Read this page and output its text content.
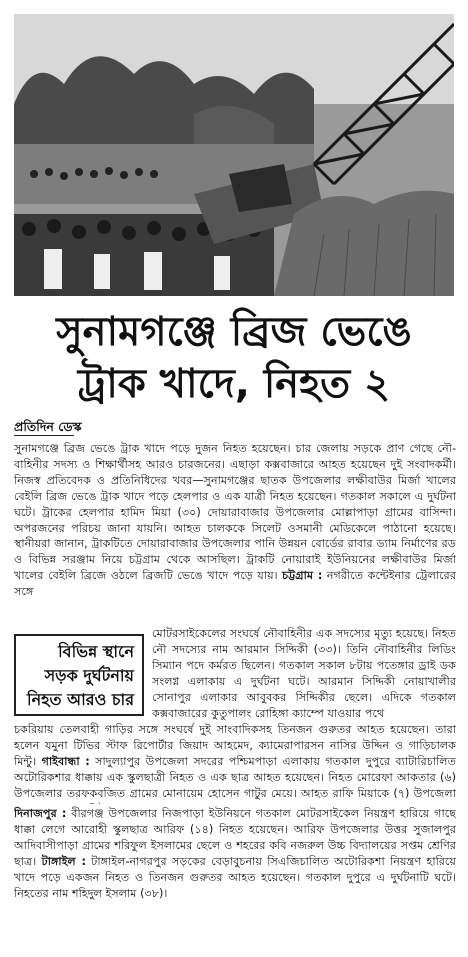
সুনামগঞ্জে ব্রিজ ভেঙে
ট্রাক খাদে, নিহত ২
প্রতিদিন ডেস্ক
সুনামগঞ্জে ব্রিজ ভেঙে ট্রাক খাদে পড়ে দুজন নিহত হয়েছেন। চার জেলায় সড়কে প্রাণ গেছে নৌ-বাহিনীর সদস্য ও শিক্ষার্থীসহ আরও চারজনের। এছাড়া কক্সবাজারে আহত হয়েছেন দুই সংবাদকর্মী। নিজস্ব প্রতিবেদক ও প্রতিনিধিদের খবর—সুনামগঞ্জের ছাতক উপজেলার লক্ষীবাউর মির্জা খালের বেইলি ব্রিজ ভেঙে ট্রাক খাদে পড়ে হেলপার ও এক যাত্রী নিহত হয়েছেন। গতকাল সকালে এ দুর্ঘটনা ঘটে। ট্রাকের হেলপার হামিদ মিয়া (৩০) দোয়ারাবাজার উপজেলার মোল্লাপাড়া গ্রামের বাসিন্দা। অপরজনের পরিচয় জানা যায়নি। আহত চালককে সিলেট ওসমানী মেডিকেলে পাঠানো হয়েছে। স্থানীয়রা জানান, ট্রাকটিতে দোয়ারাবাজার উপজেলার পানি উন্নয়ন বোর্ডের রাবার ড্যাম নির্মাণের রড ও বিভিন্ন সরঞ্জাম নিয়ে চট্টগ্রাম থেকে আসছিল। ট্রাকটি নোয়ারাই ইউনিয়নের লক্ষীবাউর মির্জা খালের বেইলি ব্রিজে ওঠলে ব্রিজটি ভেঙে খাদে পড়ে যায়। চট্টগ্রাম : নগরীতে কন্টেইনার ট্রেলারের সঙ্গে
বিভিন্ন স্থানে সড়ক দুর্ঘটনায় নিহত আরও চার
মোটরসাইকেলের সংঘর্ষে নৌবাহিনীর এক সদস্যের মৃত্যু হয়েছে। নিহত নৌ সদস্যের নাম আরমান সিদ্দিকী (৩৩)। তিনি নৌবাহিনীর লিডিং সিম্যান পদে কর্মরত ছিলেন। গতকাল সকাল ৮টায় পতেঙ্গার ড্রাই ডক সংলগ্ন এলাকায় এ দুর্ঘটনা ঘটে। আরমান সিদ্দিকী নোয়াখালীর সোনাপুর এলাকার আবুবকর সিদ্দিকীর ছেলে। এদিকে গতকাল কক্সবাজারের কুতুপালং রোহিঙ্গা ক্যাম্পে যাওয়ার পথে
চকরিয়ায় তেলবাহী গাড়ির সঙ্গে সংঘর্ষে দুই সাংবাদিকসহ তিনজন গুরুতর আহত হয়েছেন। তারা হলেন যমুনা টিভির স্টাফ রিপোর্টার জিয়াদ আহমেদ, ক্যামেরাপারসন নাসির উদ্দিন ও গাড়িচালক মিন্টু। গাইবান্ধা : সাদুল্যাপুর উপজেলা সদরের পশ্চিমপাড়া এলাকায় গতকাল দুপুরে ব্যাটারিচালিত অটোরিকশার ধাক্কায় এক স্কুলছাত্রী নিহত ও এক ছাত্র আহত হয়েছেন। নিহত মোরেফা আকতার (৬) উপজেলার তরফকবজিত গ্রামের মোনায়েম হোসেন গাটুর মেয়ে। আহত রাফি মিয়াকে (৭) উপজেলা
দিনাজপুর : বীরগঞ্জ উপজেলার নিজপাড়া ইউনিয়নে গতকাল মোটরসাইকেল নিয়ন্ত্রণ হারিয়ে গাছে ধাক্কা লেগে আরোহী স্কুলছাত্র আরিফ (১৪) নিহত হয়েছেন। আরিফ উপজেলার উত্তর সুজালপুর আদিবাসীপাড়া গ্রামের শরিফুল ইসলামের ছেলে ও শহরের কবি নজরুল উচ্চ বিদ্যালয়ের সপ্তম শ্রেণির ছাত্র। টাঙ্গাইল : টাঙ্গাইল-নাগরপুর সড়কের বেড়াবুচনায় সিএজিচালিত অটোরিকশা নিয়ন্ত্রণ হারিয়ে খাদে পড়ে একজন নিহত ও তিনজন গুরুতর আহত হয়েছেন। গতকাল দুপুরে এ দুর্ঘটনাটি ঘটে। নিহতের নাম শহিদুল ইসলাম (৩৮)।
